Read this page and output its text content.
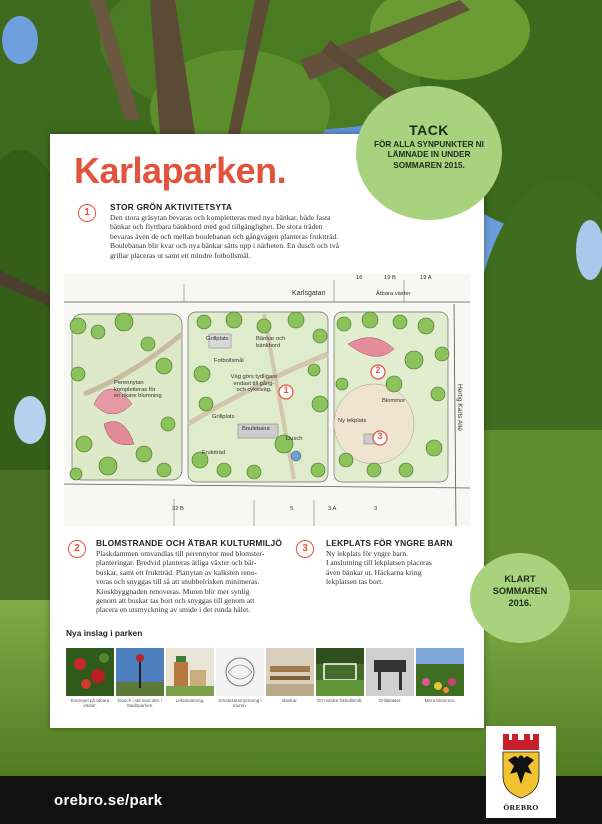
Karlaparken.
1	STOR GRÖN AKTIVITETSYTA
Den stora gräsytan bevaras och kompletteras med nya bänkar, både fasta
bänkar och flyttbara bänkbord med god tillgänglighet. De stora träden
bevaras även de och mellan boulebanan och gångvägen planteras fruktträd.
Boulebanan blir kvar och nya bänkar sätts upp i närheten. En dusch och två
grillar placeras ut samt ett mindre fotbollsmål.
1
2
3
Karlsgatan
Hertig Karls Allé
16	19 B	19 A
32 B	5	3 A	3
Ätbara växter
Bänkar och bänkbord
Grillplats
Fotbollsmål
Perennytan kompletteras för en rikare blomning
Väg görs tydligare endast till gång- och cykelväg.
Blommor
Ny lekplats
Grillplats
Boulebana
Fruktträd
Dusch
2	BLOMSTRANDE OCH ÄTBAR KULTURMILJÖ
Plaskdammen omvandlas till perennytor med blomster-
planteringar. Bredvid planteras ätliga växter och bär-
buskar, samt ett fruktträd. Plattytan av kalksten reno-
veras och snyggas till så att snubbelrisken minimeras.
Kioskbyggnaden renoveras. Muren blir mer synlig
genom att buskar tas bort och snyggas till genom att
placera en utsmyckning av smide i det runda hålet.
3	LEKPLATS FÖR YNGRE BARN
Ny lekplats för yngre barn.
I anslutning till lekplatsen placeras
även bänkar ut. Häckarna kring
lekplatsen tas bort.
Nya inslag i parken
Exempel på ätbara växter.
Dusch i stil med den i Stadsparken.
Lekutrustning.	Smidesutsmyckning i muren.
Bänkar.	Ett mindre fotbollsmål.	Grillplatser.	Mera blommor.
TACK
FÖR ALLA SYNPUNKTER NI
LÄMNADE IN UNDER
SOMMAREN 2015.
KLART
SOMMAREN
2016.
orebro.se/park	ÖREBRO
